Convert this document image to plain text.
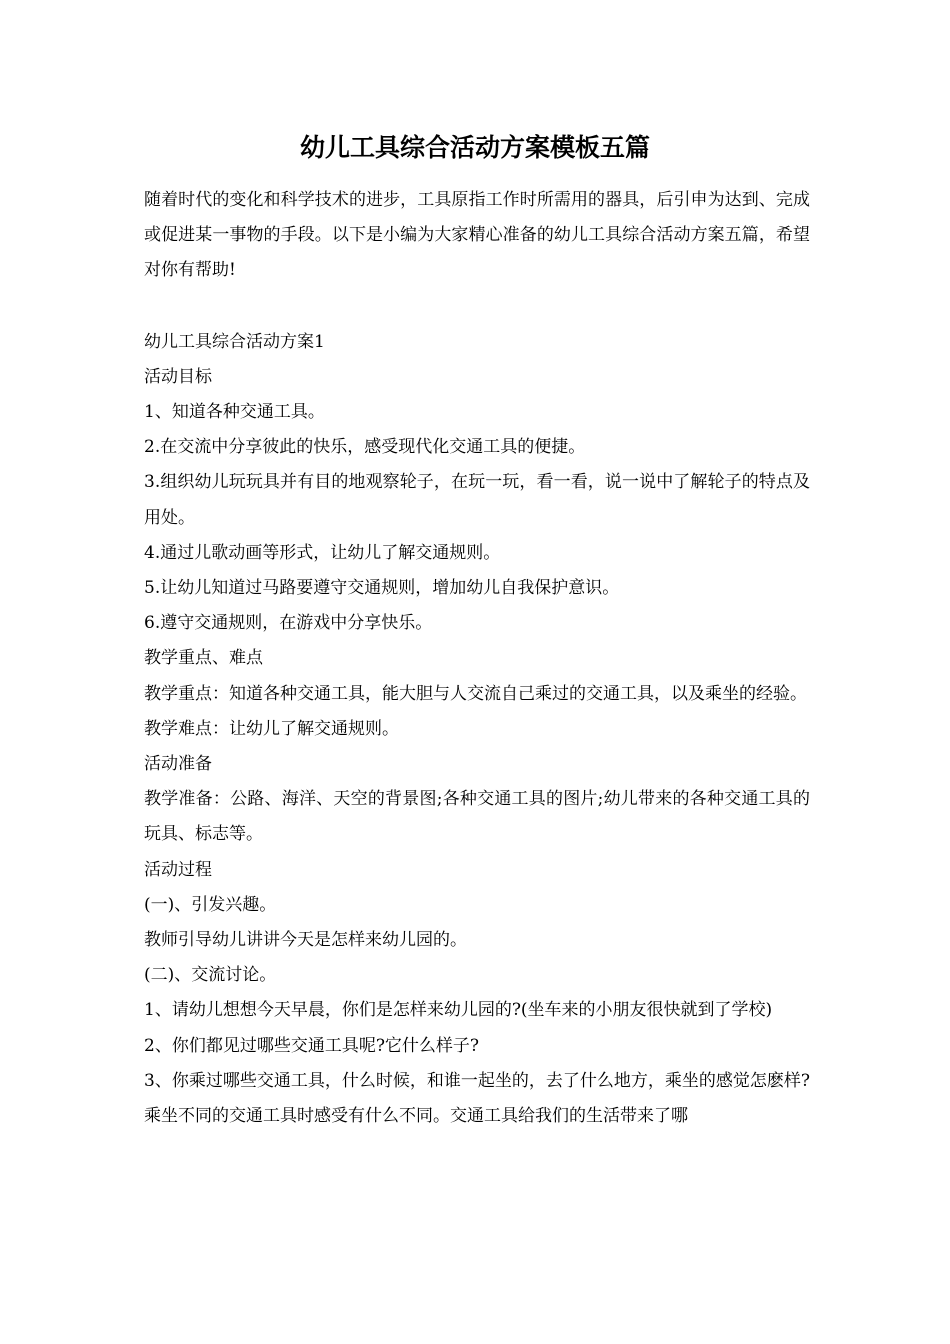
幼儿工具综合活动方案模板五篇

随着时代的变化和科学技术的进步，工具原指工作时所需用的器具，后引申为达到、完成或促进某一事物的手段。以下是小编为大家精心准备的幼儿工具综合活动方案五篇，希望对你有帮助!

幼儿工具综合活动方案1

活动目标

1、知道各种交通工具。

2.在交流中分享彼此的快乐，感受现代化交通工具的便捷。

3.组织幼儿玩玩具并有目的地观察轮子，在玩一玩，看一看，说一说中了解轮子的特点及用处。

4.通过儿歌动画等形式，让幼儿了解交通规则。

5.让幼儿知道过马路要遵守交通规则，增加幼儿自我保护意识。

6.遵守交通规则，在游戏中分享快乐。

教学重点、难点

教学重点：知道各种交通工具，能大胆与人交流自己乘过的交通工具，以及乘坐的经验。

教学难点：让幼儿了解交通规则。

活动准备

教学准备：公路、海洋、天空的背景图;各种交通工具的图片;幼儿带来的各种交通工具的玩具、标志等。

活动过程

(一)、引发兴趣。

教师引导幼儿讲讲今天是怎样来幼儿园的。

(二)、交流讨论。

1、请幼儿想想今天早晨，你们是怎样来幼儿园的?(坐车来的小朋友很快就到了学校)

2、你们都见过哪些交通工具呢?它什么样子?

3、你乘过哪些交通工具，什么时候，和谁一起坐的，去了什么地方，乘坐的感觉怎麽样?乘坐不同的交通工具时感受有什么不同。交通工具给我们的生活带来了哪
